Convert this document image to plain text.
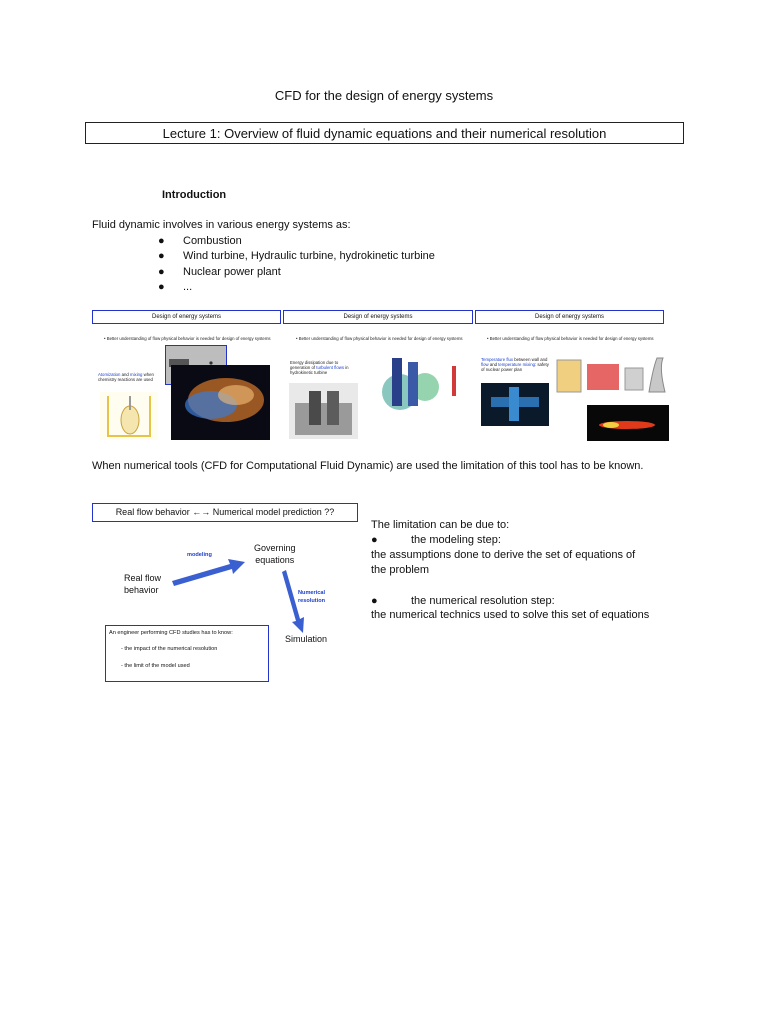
CFD for the design of energy systems
Lecture 1: Overview of fluid dynamic equations and their numerical resolution
Introduction
Fluid dynamic involves in various energy systems as:
● Combustion
● Wind turbine, Hydraulic turbine, hydrokinetic turbine
● Nuclear power plant
● ...
Design of energy systems
• Better understanding of flow physical behavior is needed for design of energy systems
Atomization and mixing when chemistry reactions are used
Design of energy systems
• Better understanding of flow physical behavior is needed for design of energy systems
Energy dissipation due to generation of turbulent flows in hydrokinetic turbine
Design of energy systems
• Better understanding of flow physical behavior is needed for design of energy systems
Temperature flux between wall and flow and temperature mixing: safety of nuclear power plan
When numerical tools (CFD for Computational Fluid Dynamic) are used the limitation of this tool has to be known.
Real flow behavior ←→ Numerical model prediction ??
Real flow
behavior
Governing
equations
modeling
Numerical
resolution
Simulation
An engineer performing CFD studies has to know:
- the impact of the numerical resolution
- the limit of the model used
The limitation can be due to:
●	the modeling step:
the assumptions done to derive the set of equations of
the problem
●	the numerical resolution step:
the numerical technics used to solve this set of equations
